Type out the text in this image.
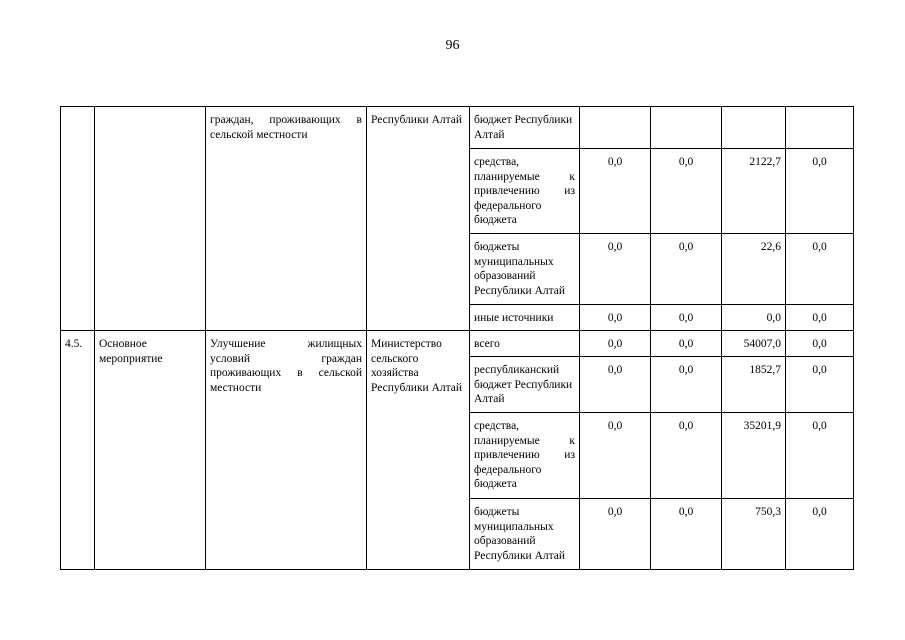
96
		граждан, проживающих в сельской местности	Республики Алтай	бюджет Республики Алтай				
				средства, планируемые к привлечению из федерального бюджета	0,0	0,0	2122,7	0,0
				бюджеты муниципальных образований Республики Алтай	0,0	0,0	22,6	0,0
				иные источники	0,0	0,0	0,0	0,0
4.5.	Основное мероприятие	Улучшение жилищных условий граждан проживающих в сельской местности	Министерство сельского хозяйства Республики Алтай	всего	0,0	0,0	54007,0	0,0
				республиканский бюджет Республики Алтай	0,0	0,0	1852,7	0,0
				средства, планируемые к привлечению из федерального бюджета	0,0	0,0	35201,9	0,0
				бюджеты муниципальных образований Республики Алтай	0,0	0,0	750,3	0,0
